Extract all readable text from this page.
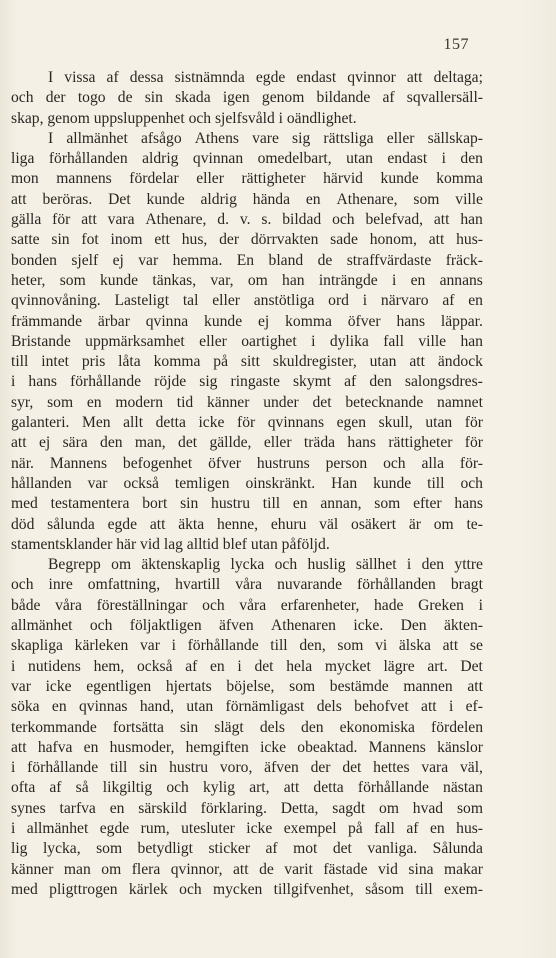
157
I vissa af dessa sistnämnda egde endast qvinnor att deltaga;
och der togo de sin skada igen genom bildande af sqvallersäll-
skap, genom uppsluppenhet och sjelfsvåld i oändlighet.
I allmänhet afsågo Athens vare sig rättsliga eller sällskap-
liga förhållanden aldrig qvinnan omedelbart, utan endast i den
mon mannens fördelar eller rättigheter härvid kunde komma
att beröras. Det kunde aldrig hända en Athenare, som ville
gälla för att vara Athenare, d. v. s. bildad och belefvad, att han
satte sin fot inom ett hus, der dörrvakten sade honom, att hus-
bonden sjelf ej var hemma. En bland de straffvärdaste fräck-
heter, som kunde tänkas, var, om han inträngde i en annans
qvinnovåning. Lasteligt tal eller anstötliga ord i närvaro af en
främmande ärbar qvinna kunde ej komma öfver hans läppar.
Bristande uppmärksamhet eller oartighet i dylika fall ville han
till intet pris låta komma på sitt skuldregister, utan att ändock
i hans förhållande röjde sig ringaste skymt af den salongsdres-
syr, som en modern tid känner under det betecknande namnet
galanteri. Men allt detta icke för qvinnans egen skull, utan för
att ej sära den man, det gällde, eller träda hans rättigheter för
när. Mannens befogenhet öfver hustruns person och alla för-
hållanden var också temligen oinskränkt. Han kunde till och
med testamentera bort sin hustru till en annan, som efter hans
död sålunda egde att äkta henne, ehuru väl osäkert är om te-
stamentsklander här vid lag alltid blef utan påföljd.
Begrepp om äktenskaplig lycka och huslig sällhet i den yttre
och inre omfattning, hvartill våra nuvarande förhållanden bragt
både våra föreställningar och våra erfarenheter, hade Greken i
allmänhet och följaktligen äfven Athenaren icke. Den äkten-
skapliga kärleken var i förhållande till den, som vi älska att se
i nutidens hem, också af en i det hela mycket lägre art. Det
var icke egentligen hjertats böjelse, som bestämde mannen att
söka en qvinnas hand, utan förnämligast dels behofvet att i ef-
terkommande fortsätta sin slägt dels den ekonomiska fördelen
att hafva en husmoder, hemgiften icke obeaktad. Mannens känslor
i förhållande till sin hustru voro, äfven der det hettes vara väl,
ofta af så likgiltig och kylig art, att detta förhållande nästan
synes tarfva en särskild förklaring. Detta, sagdt om hvad som
i allmänhet egde rum, utesluter icke exempel på fall af en hus-
lig lycka, som betydligt sticker af mot det vanliga. Sålunda
känner man om flera qvinnor, att de varit fästade vid sina makar
med pligttrogen kärlek och mycken tillgifvenhet, såsom till exem-
